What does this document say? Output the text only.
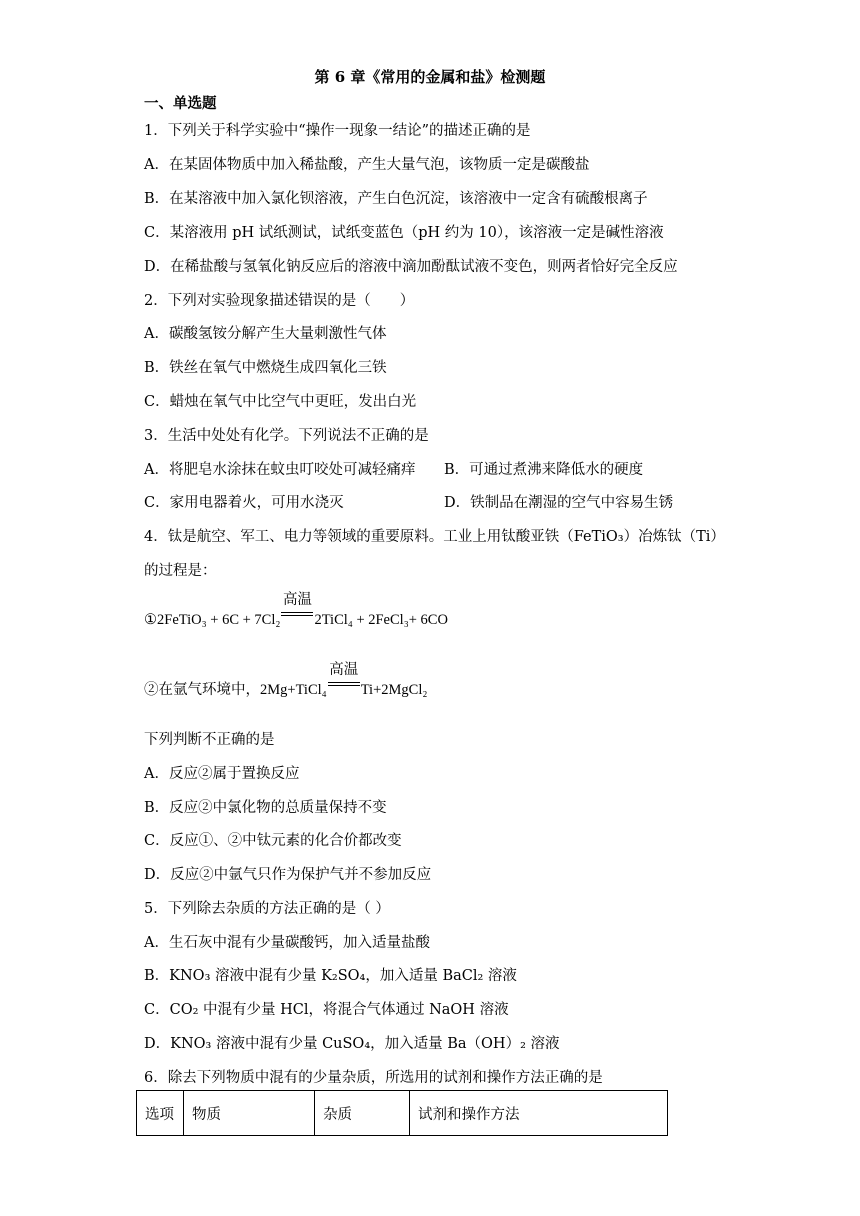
第 6 章《常用的金属和盐》检测题
一、单选题
1．下列关于科学实验中“操作一现象一结论”的描述正确的是
A．在某固体物质中加入稀盐酸，产生大量气泡，该物质一定是碳酸盐
B．在某溶液中加入氯化钡溶液，产生白色沉淀，该溶液中一定含有硫酸根离子
C．某溶液用 pH 试纸测试，试纸变蓝色（pH 约为 10），该溶液一定是碱性溶液
D．在稀盐酸与氢氧化钠反应后的溶液中滴加酚酞试液不变色，则两者恰好完全反应
2．下列对实验现象描述错误的是（　　）
A．碳酸氢铵分解产生大量刺激性气体
B．铁丝在氧气中燃烧生成四氧化三铁
C．蜡烛在氧气中比空气中更旺，发出白光
3．生活中处处有化学。下列说法不正确的是
A．将肥皂水涂抹在蚊虫叮咬处可减轻痛痒 B．可通过煮沸来降低水的硬度
C．家用电器着火，可用水浇灭	D．铁制品在潮湿的空气中容易生锈
4．钛是航空、军工、电力等领域的重要原料。工业上用钛酸亚铁（FeTiO₃）冶炼钛（Ti）
的过程是：
①2FeTiO₃ + 6C + 7Cl₂
高温
2TiCl₄ + 2FeCl₃+ 6CO
②在氩气环境中，2Mg+TiCl₄
高温
Ti+2MgCl₂
下列判断不正确的是
A．反应②属于置换反应
B．反应②中氯化物的总质量保持不变
C．反应①、②中钛元素的化合价都改变
D．反应②中氩气只作为保护气并不参加反应
5．下列除去杂质的方法正确的是（ ）
A．生石灰中混有少量碳酸钙，加入适量盐酸
B．KNO₃ 溶液中混有少量 K₂SO₄，加入适量 BaCl₂ 溶液
C．CO₂ 中混有少量 HCl，将混合气体通过 NaOH 溶液
D．KNO₃ 溶液中混有少量 CuSO₄，加入适量 Ba（OH）₂ 溶液
6．除去下列物质中混有的少量杂质，所选用的试剂和操作方法正确的是
选项	物质	杂质	试剂和操作方法
